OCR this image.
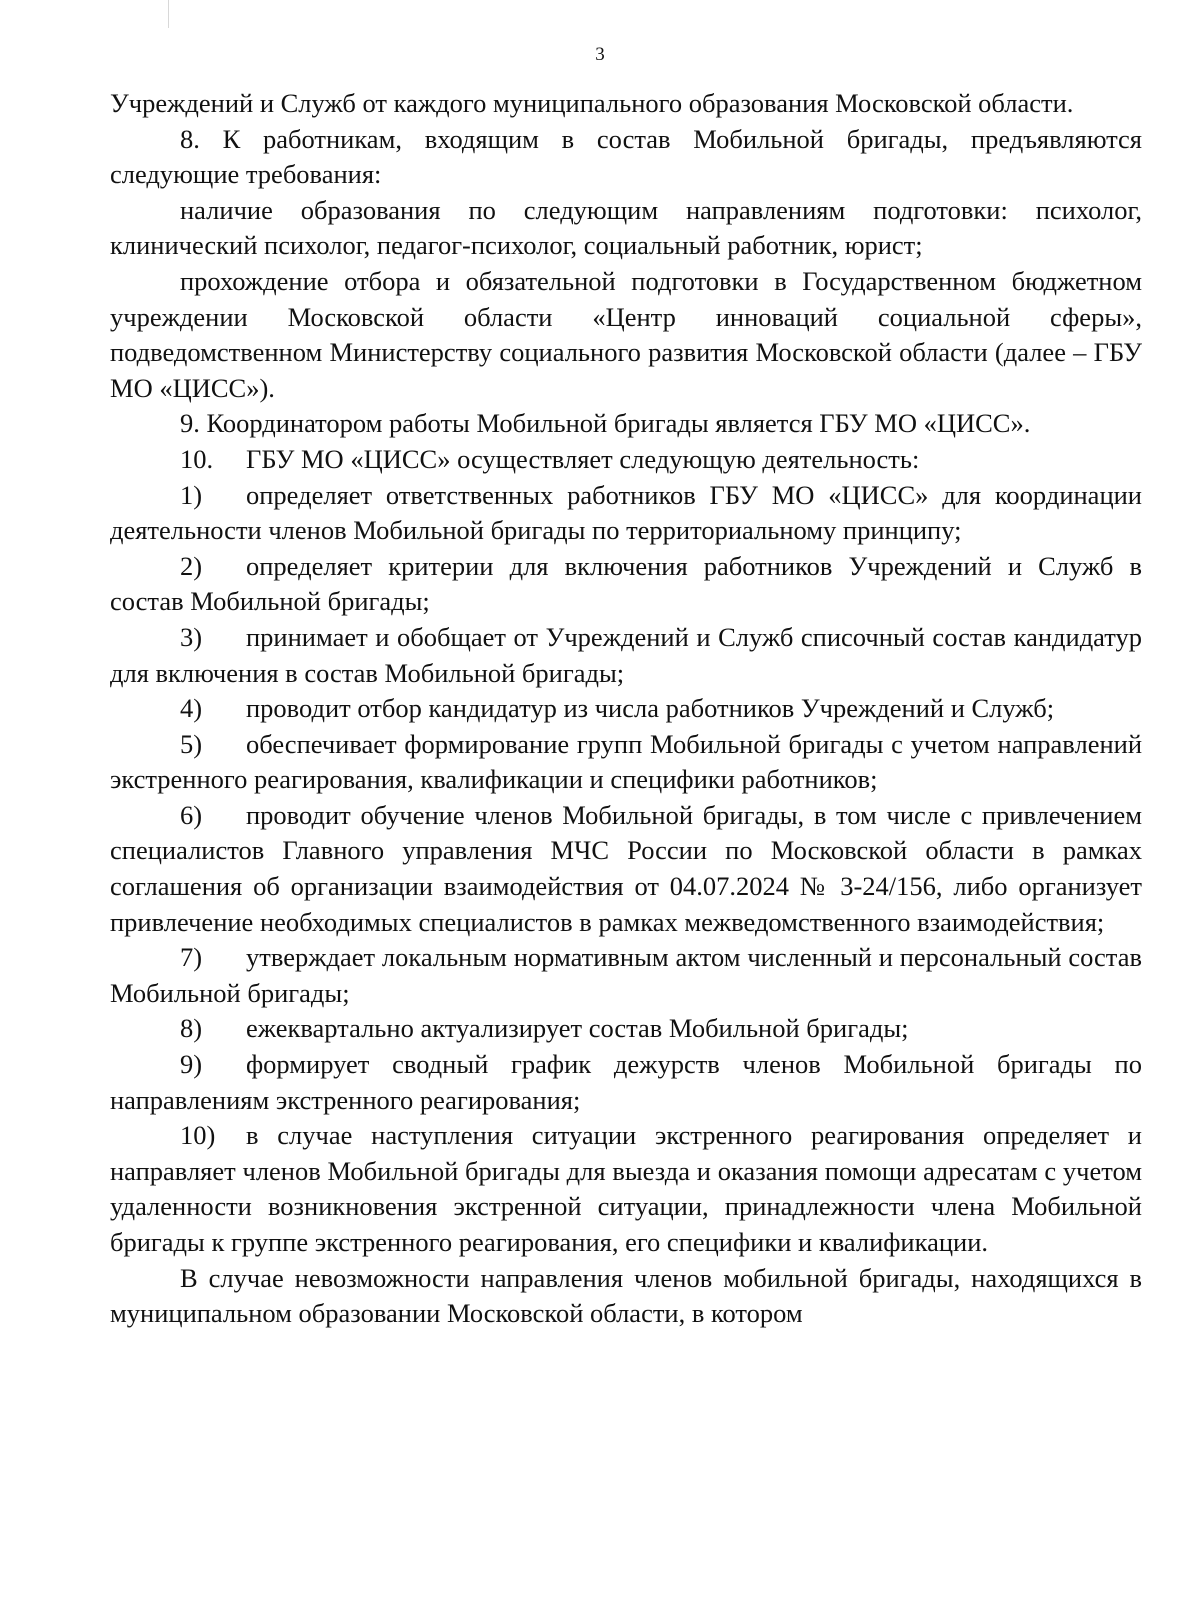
3

Учреждений и Служб от каждого муниципального образования Московской области.

8. К работникам, входящим в состав Мобильной бригады, предъявляются следующие требования:

наличие образования по следующим направлениям подготовки: психолог, клинический психолог, педагог-психолог, социальный работник, юрист;

прохождение отбора и обязательной подготовки в Государственном бюджетном учреждении Московской области «Центр инноваций социальной сферы», подведомственном Министерству социального развития Московской области (далее – ГБУ МО «ЦИСС»).

9. Координатором работы Мобильной бригады является ГБУ МО «ЦИСС».

10. ГБУ МО «ЦИСС» осуществляет следующую деятельность:

1) определяет ответственных работников ГБУ МО «ЦИСС» для координации деятельности членов Мобильной бригады по территориальному принципу;

2) определяет критерии для включения работников Учреждений и Служб в состав Мобильной бригады;

3) принимает и обобщает от Учреждений и Служб списочный состав кандидатур для включения в состав Мобильной бригады;

4) проводит отбор кандидатур из числа работников Учреждений и Служб;

5) обеспечивает формирование групп Мобильной бригады с учетом направлений экстренного реагирования, квалификации и специфики работников;

6) проводит обучение членов Мобильной бригады, в том числе с привлечением специалистов Главного управления МЧС России по Московской области в рамках соглашения об организации взаимодействия от 04.07.2024 № 3-24/156, либо организует привлечение необходимых специалистов в рамках межведомственного взаимодействия;

7) утверждает локальным нормативным актом численный и персональный состав Мобильной бригады;

8) ежеквартально актуализирует состав Мобильной бригады;

9) формирует сводный график дежурств членов Мобильной бригады по направлениям экстренного реагирования;

10) в случае наступления ситуации экстренного реагирования определяет и направляет членов Мобильной бригады для выезда и оказания помощи адресатам с учетом удаленности возникновения экстренной ситуации, принадлежности члена Мобильной бригады к группе экстренного реагирования, его специфики и квалификации.

В случае невозможности направления членов мобильной бригады, находящихся в муниципальном образовании Московской области, в котором
